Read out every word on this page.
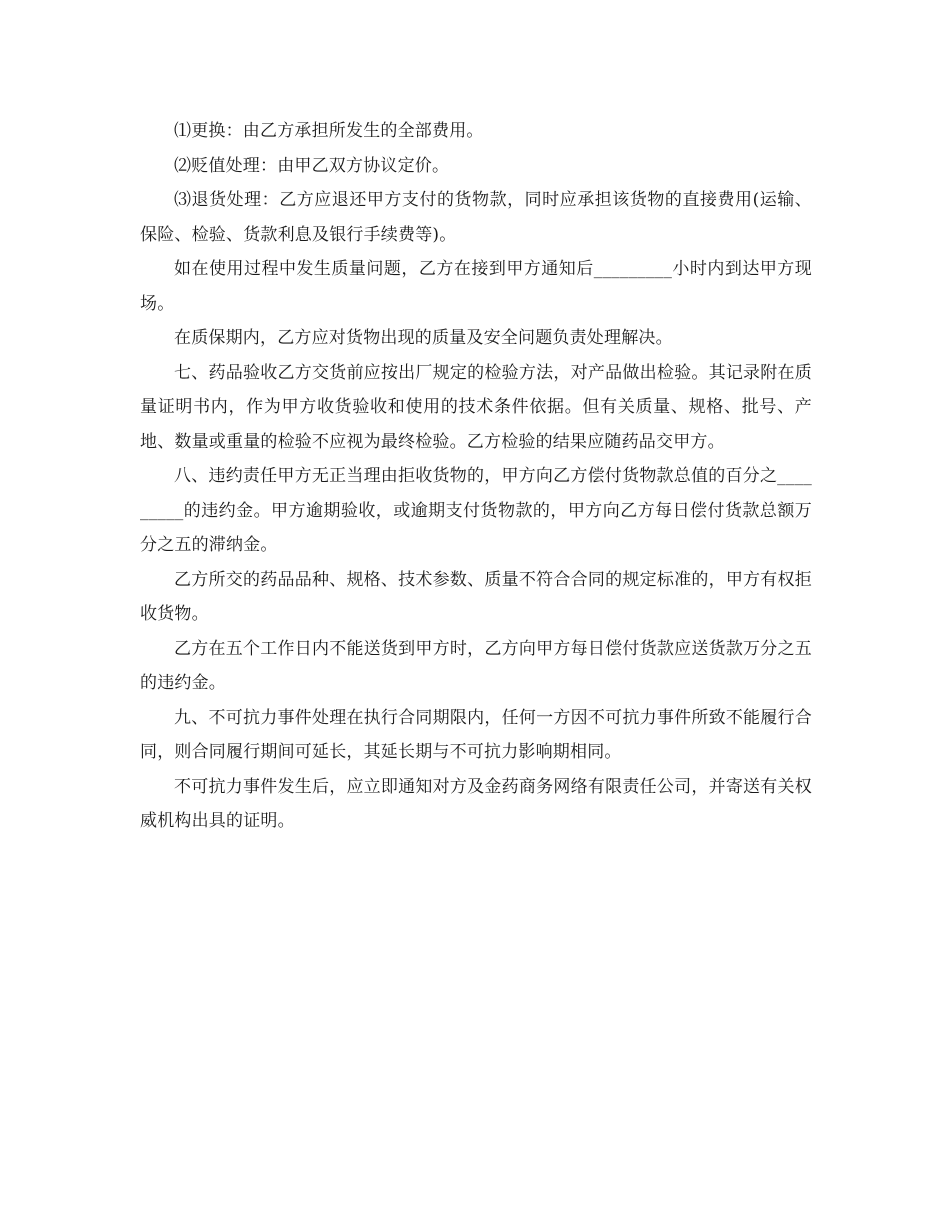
⑴更换：由乙方承担所发生的全部费用。

⑵贬值处理：由甲乙双方协议定价。

⑶退货处理：乙方应退还甲方支付的货物款，同时应承担该货物的直接费用(运输、保险、检验、货款利息及银行手续费等)。

如在使用过程中发生质量问题，乙方在接到甲方通知后_________小时内到达甲方现场。

在质保期内，乙方应对货物出现的质量及安全问题负责处理解决。

七、药品验收乙方交货前应按出厂规定的检验方法，对产品做出检验。其记录附在质量证明书内，作为甲方收货验收和使用的技术条件依据。但有关质量、规格、批号、产地、数量或重量的检验不应视为最终检验。乙方检验的结果应随药品交甲方。

八、违约责任甲方无正当理由拒收货物的，甲方向乙方偿付货物款总值的百分之_________的违约金。甲方逾期验收，或逾期支付货物款的，甲方向乙方每日偿付货款总额万分之五的滞纳金。

乙方所交的药品品种、规格、技术参数、质量不符合合同的规定标准的，甲方有权拒收货物。

乙方在五个工作日内不能送货到甲方时，乙方向甲方每日偿付货款应送货款万分之五的违约金。

九、不可抗力事件处理在执行合同期限内，任何一方因不可抗力事件所致不能履行合同，则合同履行期间可延长，其延长期与不可抗力影响期相同。

不可抗力事件发生后，应立即通知对方及金药商务网络有限责任公司，并寄送有关权威机构出具的证明。
